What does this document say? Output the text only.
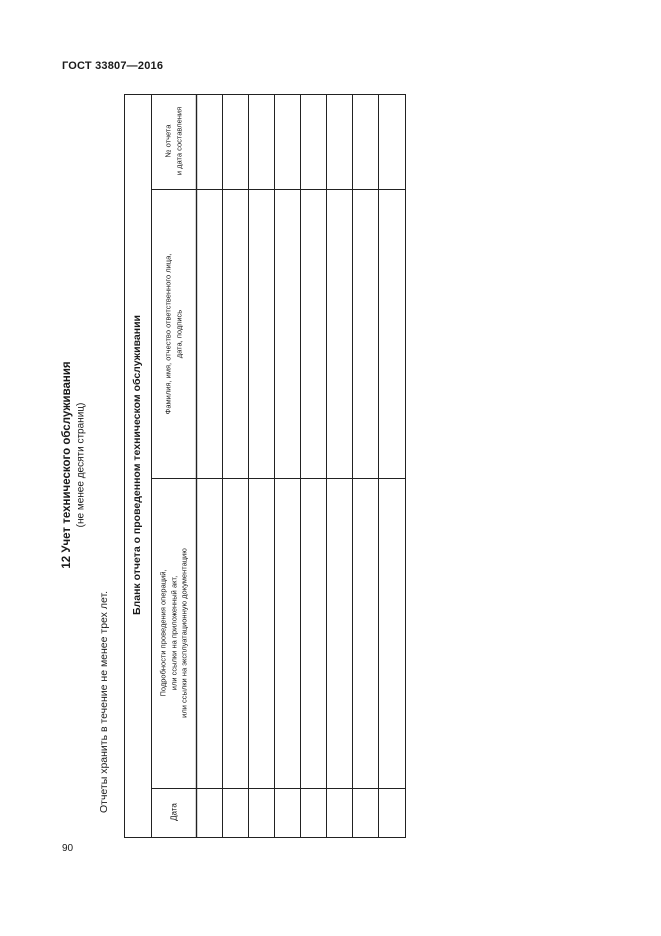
ГОСТ 33807—2016
12 Учет технического обслуживания (не менее десяти страниц)
Отчеты хранить в течение не менее трех лет.
Бланк отчета о проведенном техническом обслуживании
Дата
Подробности проведения операций, или ссылки на приложенный акт, или ссылки на эксплуатационную документацию
Фамилия, имя, отчество ответственного лица, дата, подпись
№ отчета и дата составления
90
